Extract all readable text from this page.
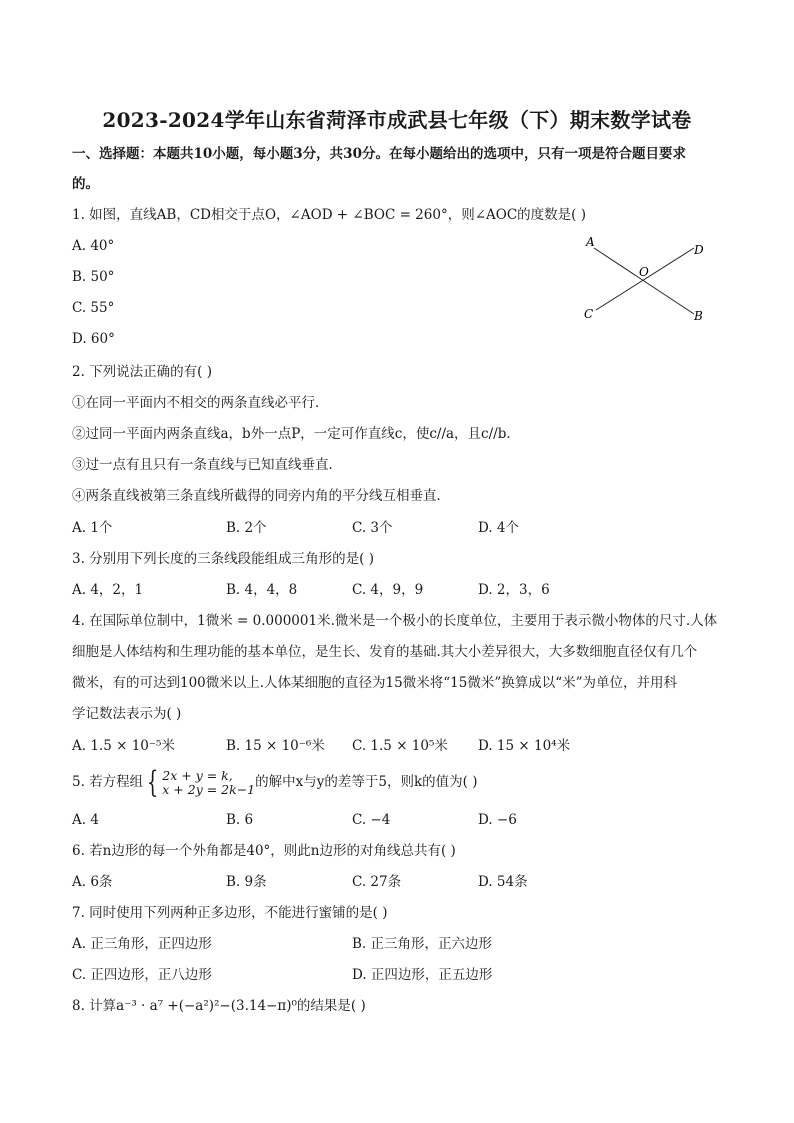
2023-2024学年山东省菏泽市成武县七年级（下）期末数学试卷
一、选择题：本题共10小题，每小题3分，共30分。在每小题给出的选项中，只有一项是符合题目要求
的。
1. 如图，直线AB，CD相交于点O，∠AOD + ∠BOC = 260°，则∠AOC的度数是( )
A. 40°
B. 50°
C. 55°
D. 60°
A
D
O
C	B
2. 下列说法正确的有( )
①在同一平面内不相交的两条直线必平行．
②过同一平面内两条直线a，b外一点P，一定可作直线c，使c//a，且c//b．
③过一点有且只有一条直线与已知直线垂直．
④两条直线被第三条直线所截得的同旁内角的平分线互相垂直．
A. 1个	B. 2个	C. 3个	D. 4个
3. 分别用下列长度的三条线段能组成三角形的是( )
A. 4，2，1	B. 4，4，8	C. 4，9，9	D. 2，3，6
4. 在国际单位制中，1微米 = 0.000001米.微米是一个极小的长度单位，主要用于表示微小物体的尺寸.人体
细胞是人体结构和生理功能的基本单位，是生长、发育的基础.其大小差异很大，大多数细胞直径仅有几个
微米，有的可达到100微米以上.人体某细胞的直径为15微米将“15微米”换算成以“米”为单位，并用科
学记数法表示为( )
A. 1.5 × 10⁻⁵米	B. 15 × 10⁻⁶米 C. 1.5 × 10⁵米 D. 15 × 10⁴米
5. 若方程组 { 2x + y = k,
x + 2y = 2k−1 的解中x与y的差等于5，则k的值为( )
A. 4	B. 6	C. −4	D. −6
6. 若n边形的每一个外角都是40°，则此n边形的对角线总共有( )
A. 6条	B. 9条	C. 27条	D. 54条
7. 同时使用下列两种正多边形，不能进行蜜铺的是( )
A. 正三角形，正四边形	B. 正三角形，正六边形
C. 正四边形，正八边形	D. 正四边形，正五边形
8. 计算a⁻³ · a⁷ +(−a²)²−(3.14−π)⁰的结果是( )
